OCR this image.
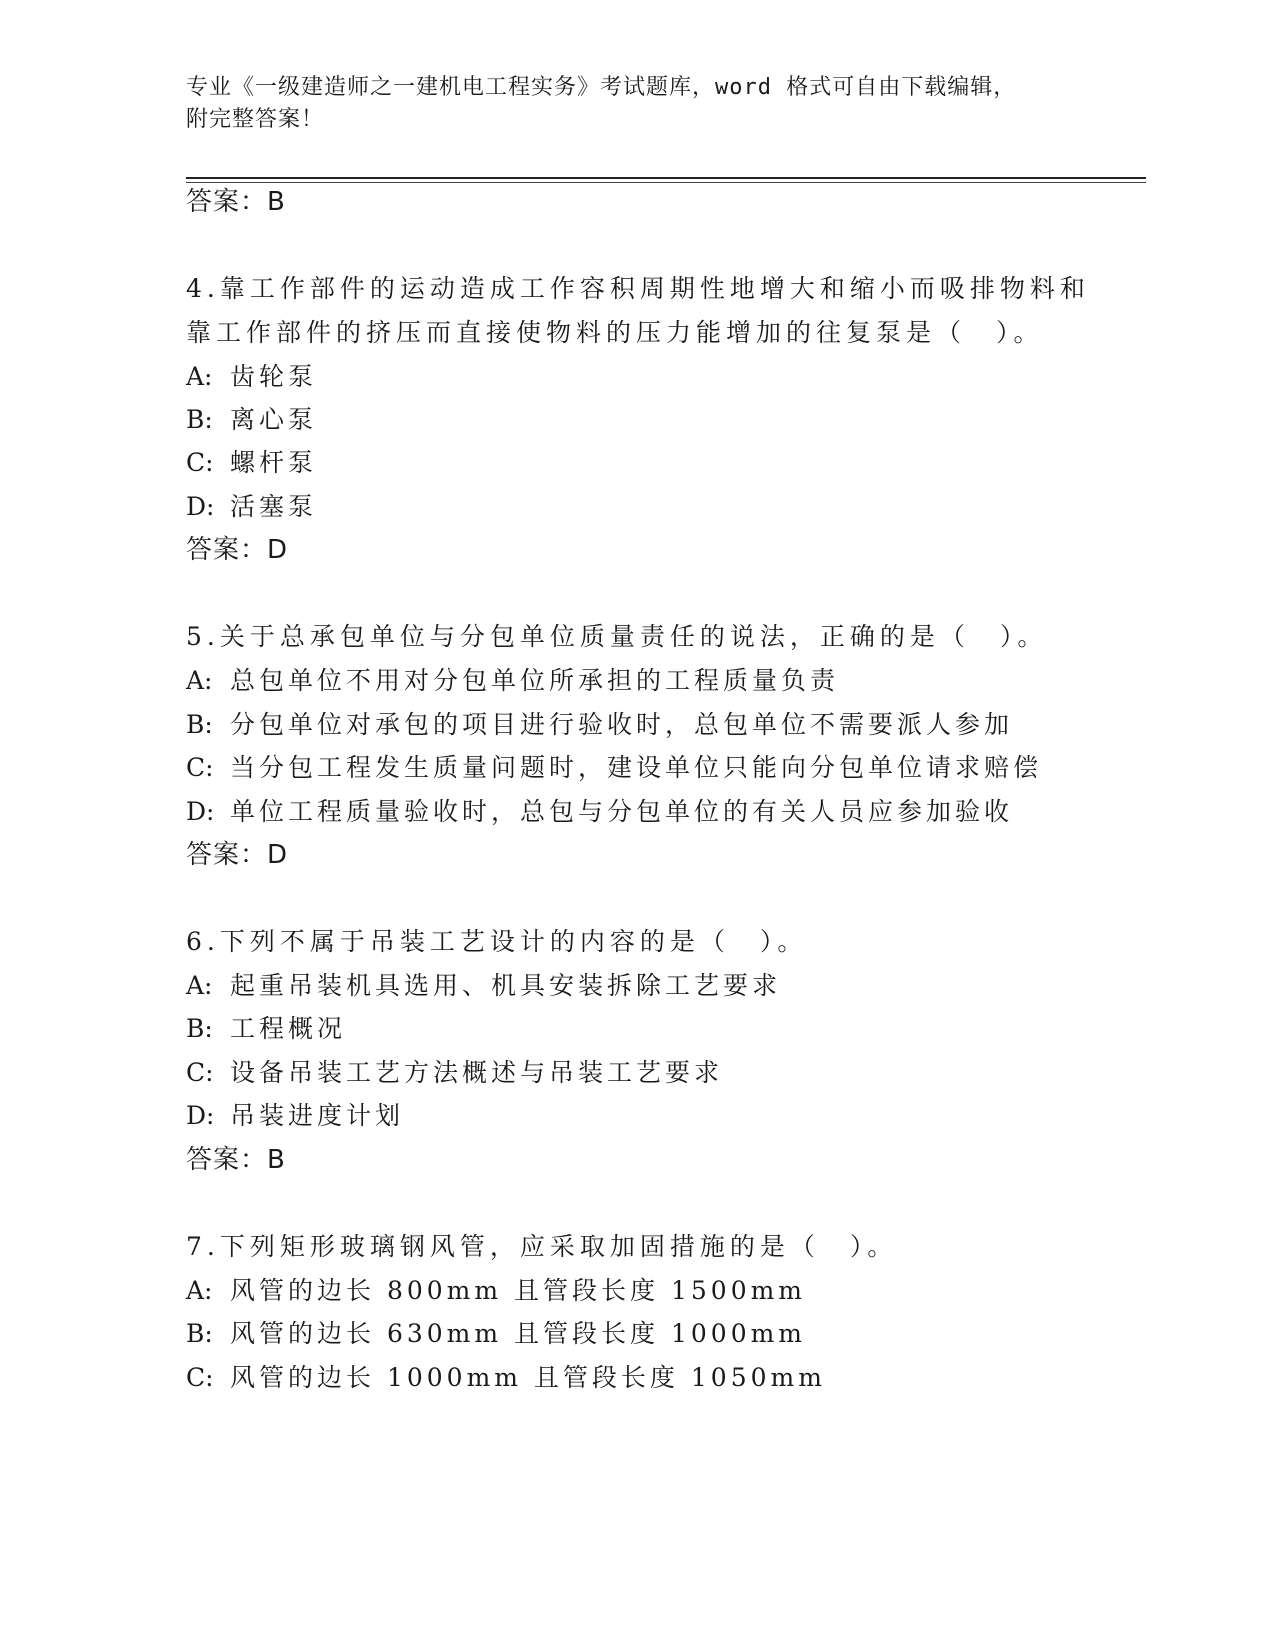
专业《一级建造师之一建机电工程实务》考试题库，word 格式可自由下载编辑，
附完整答案！
答案：B
4.靠工作部件的运动造成工作容积周期性地增大和缩小而吸排物料和
靠工作部件的挤压而直接使物料的压力能增加的往复泵是（　）。
A: 齿轮泵
B: 离心泵
C: 螺杆泵
D: 活塞泵
答案：D
5.关于总承包单位与分包单位质量责任的说法，正确的是（　）。
A: 总包单位不用对分包单位所承担的工程质量负责
B: 分包单位对承包的项目进行验收时，总包单位不需要派人参加
C: 当分包工程发生质量问题时，建设单位只能向分包单位请求赔偿
D: 单位工程质量验收时，总包与分包单位的有关人员应参加验收
答案：D
6.下列不属于吊装工艺设计的内容的是（　）。
A: 起重吊装机具选用、机具安装拆除工艺要求
B: 工程概况
C: 设备吊装工艺方法概述与吊装工艺要求
D: 吊装进度计划
答案：B
7.下列矩形玻璃钢风管，应采取加固措施的是（　）。
A: 风管的边长 800mm 且管段长度 1500mm
B: 风管的边长 630mm 且管段长度 1000mm
C: 风管的边长 1000mm 且管段长度 1050mm
